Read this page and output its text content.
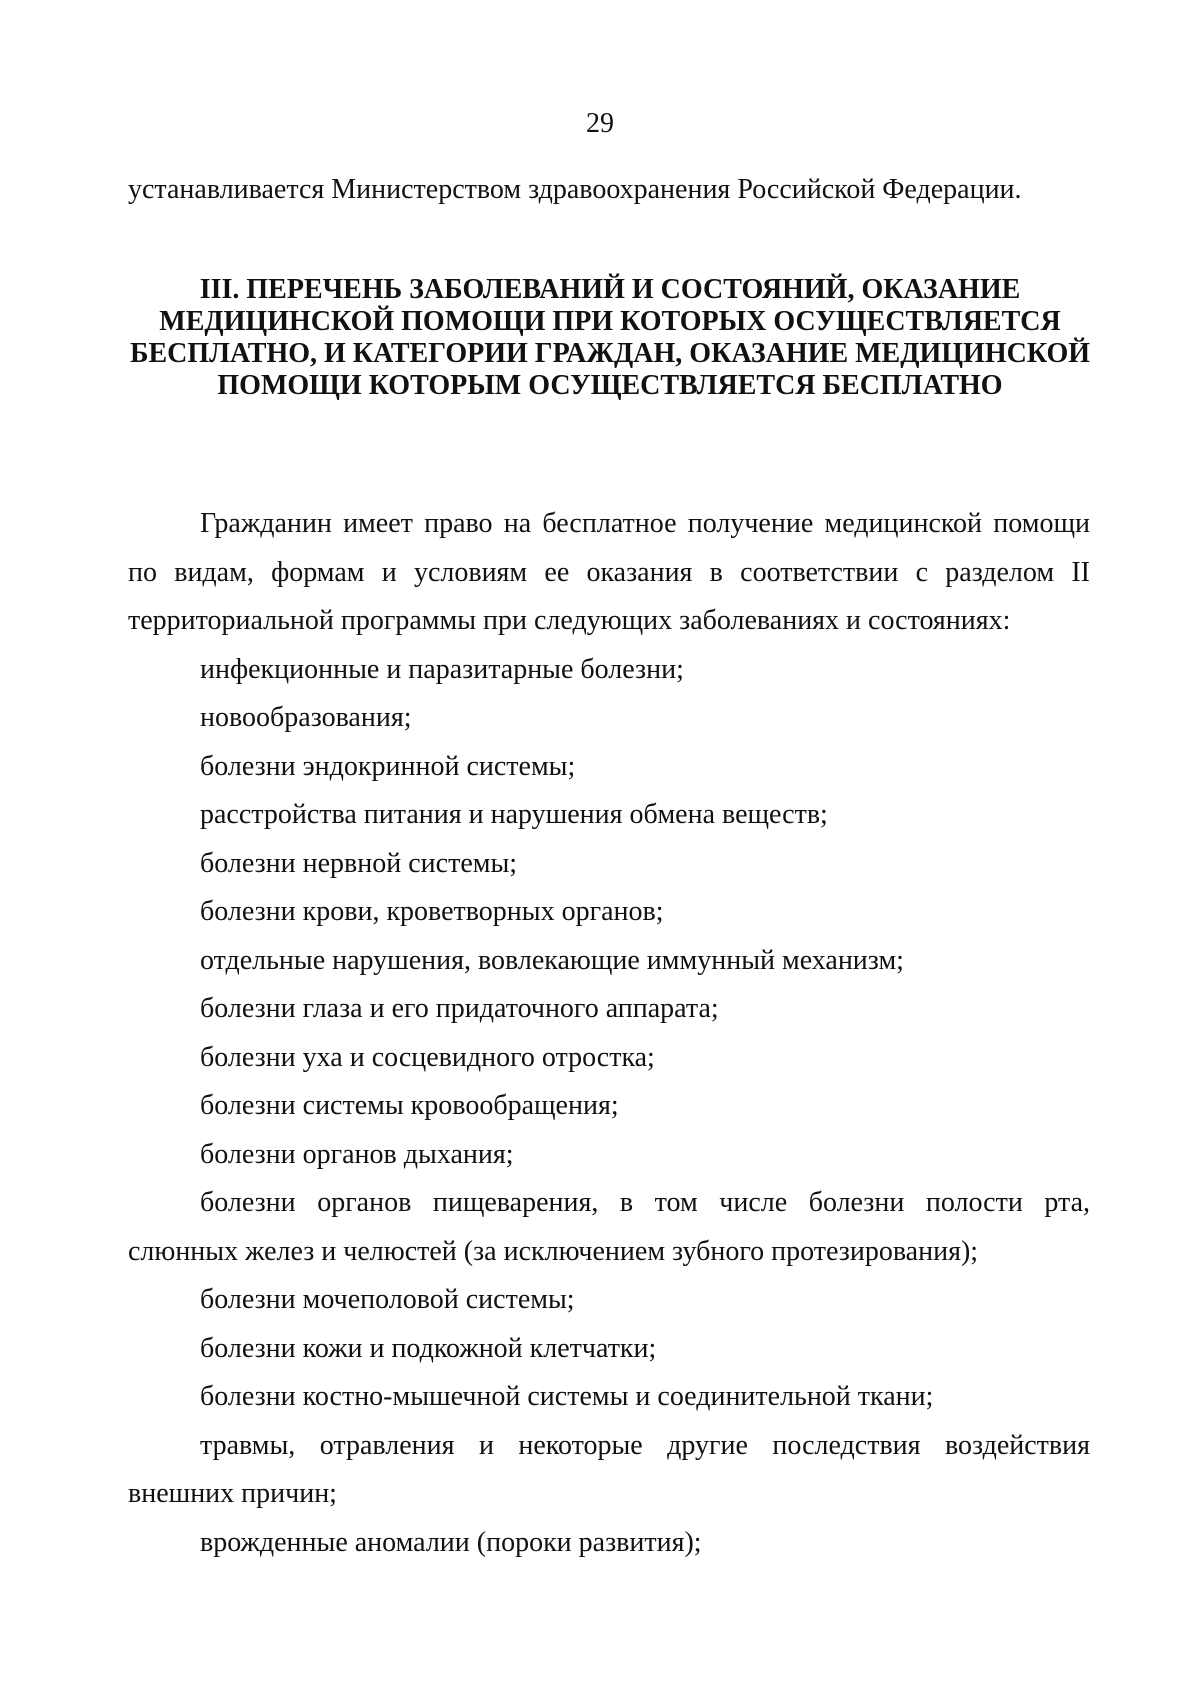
29
устанавливается Министерством здравоохранения Российской Федерации.
III. ПЕРЕЧЕНЬ ЗАБОЛЕВАНИЙ И СОСТОЯНИЙ, ОКАЗАНИЕ
МЕДИЦИНСКОЙ ПОМОЩИ ПРИ КОТОРЫХ ОСУЩЕСТВЛЯЕТСЯ
БЕСПЛАТНО, И КАТЕГОРИИ ГРАЖДАН, ОКАЗАНИЕ МЕДИЦИНСКОЙ
ПОМОЩИ КОТОРЫМ ОСУЩЕСТВЛЯЕТСЯ БЕСПЛАТНО

Гражданин имеет право на бесплатное получение медицинской помощи по видам, формам и условиям ее оказания в соответствии с разделом II территориальной программы при следующих заболеваниях и состояниях:

инфекционные и паразитарные болезни;
новообразования;
болезни эндокринной системы;
расстройства питания и нарушения обмена веществ;
болезни нервной системы;
болезни крови, кроветворных органов;
отдельные нарушения, вовлекающие иммунный механизм;
болезни глаза и его придаточного аппарата;
болезни уха и сосцевидного отростка;
болезни системы кровообращения;
болезни органов дыхания;
болезни органов пищеварения, в том числе болезни полости рта, слюнных желез и челюстей (за исключением зубного протезирования);
болезни мочеполовой системы;
болезни кожи и подкожной клетчатки;
болезни костно-мышечной системы и соединительной ткани;
травмы, отравления и некоторые другие последствия воздействия внешних причин;
врожденные аномалии (пороки развития);
